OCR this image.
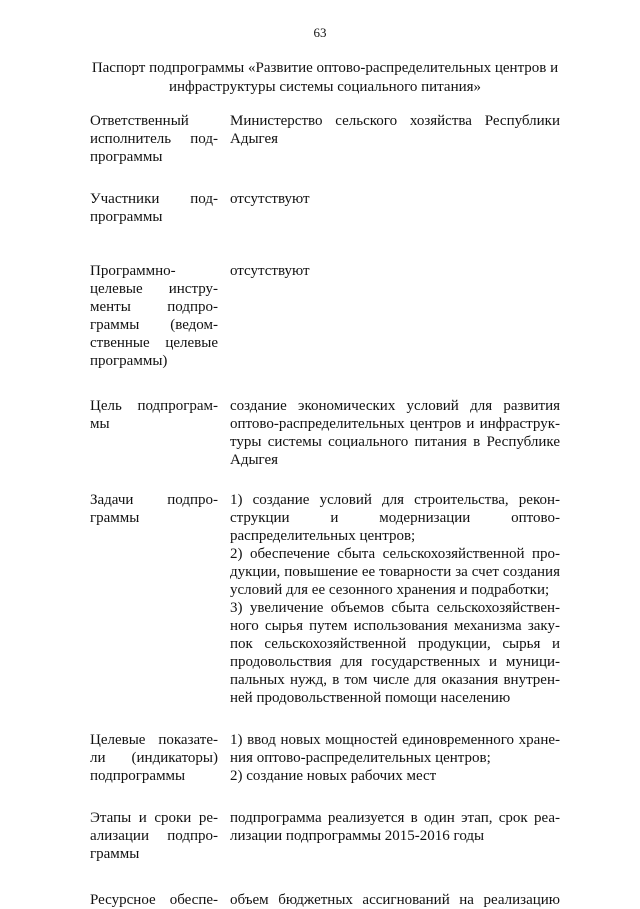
63
Паспорт подпрограммы «Развитие оптово-распределительных центров и инфраструктуры системы социального питания»
Ответственный
исполнитель под-
программы
Министерство сельского хозяйства Республики
Адыгея
Участники под-
программы
отсутствуют
Программно-
целевые инстру-
менты подпро-
граммы (ведом-
ственные целевые
программы)
отсутствуют
Цель подпрограм-
мы
создание экономических условий для развития
оптово-распределительных центров и инфраструк-
туры системы социального питания в Республике
Адыгея
Задачи подпро-
граммы
1) создание условий для строительства, рекон-
струкции и модернизации оптово-
распределительных центров;
2) обеспечение сбыта сельскохозяйственной про-
дукции, повышение ее товарности за счет создания
условий для ее сезонного хранения и подработки;
3) увеличение объемов сбыта сельскохозяйствен-
ного сырья путем использования механизма заку-
пок сельскохозяйственной продукции, сырья и
продовольствия для государственных и муници-
пальных нужд, в том числе для оказания внутрен-
ней продовольственной помощи населению
Целевые показате-
ли (индикаторы)
подпрограммы
1) ввод новых мощностей единовременного хране-
ния оптово-распределительных центров;
2) создание новых рабочих мест
Этапы и сроки ре-
ализации подпро-
граммы
подпрограмма реализуется в один этап, срок реа-
лизации подпрограммы 2015-2016 годы
Ресурсное обеспе- объем бюджетных ассигнований на реализацию
